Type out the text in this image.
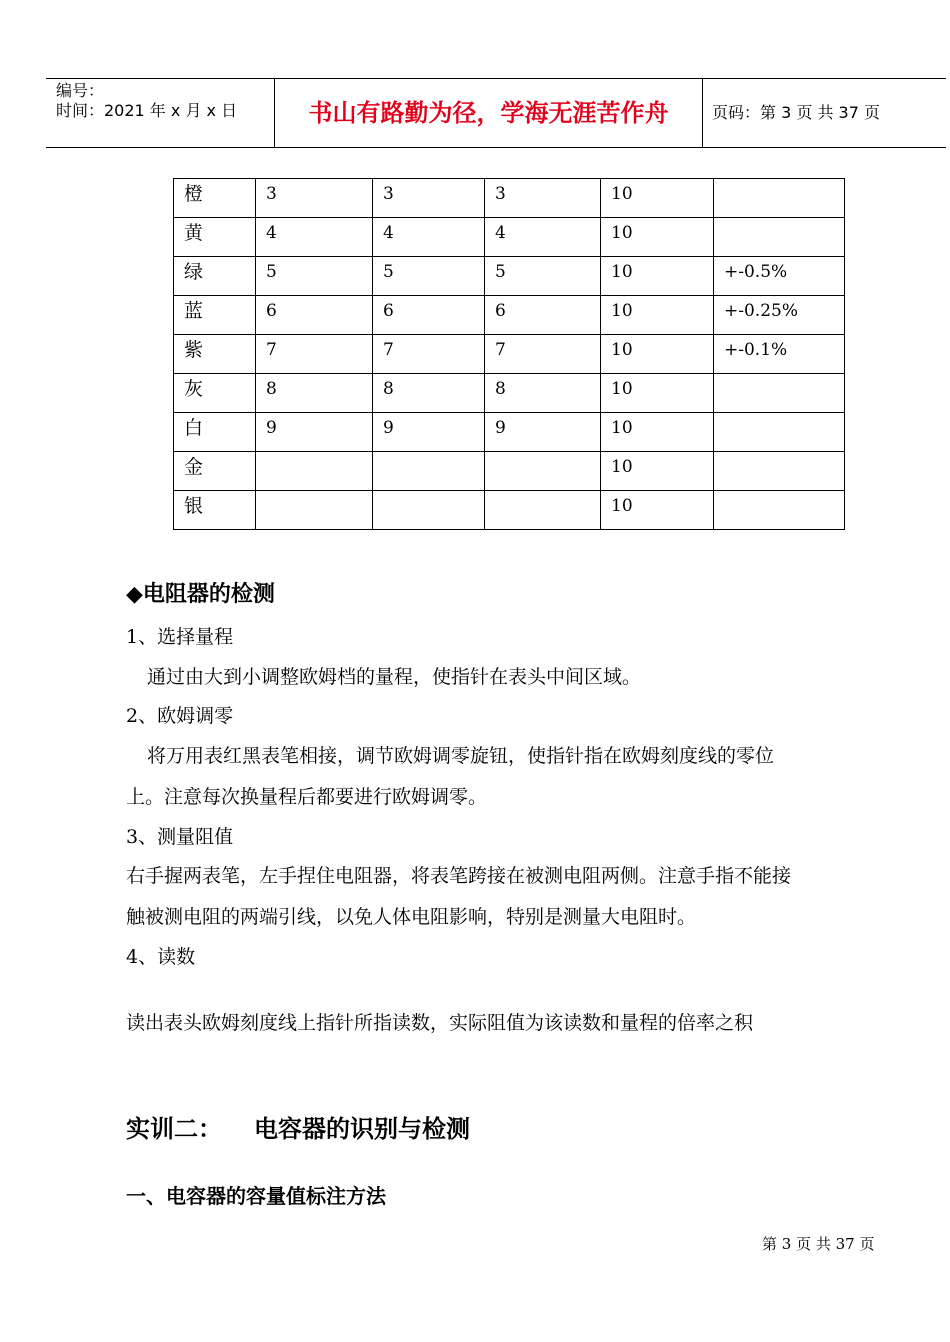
编号：
时间：2021 年 x 月 x 日	书山有路勤为径，学海无涯苦作舟	页码：第 3 页 共 37 页
橙	3	3	3	10	
黄	4	4	4	10	
绿	5	5	5	10	+-0.5%
蓝	6	6	6	10	+-0.25%
紫	7	7	7	10	+-0.1%
灰	8	8	8	10	
白	9	9	9	10	
金				10	
银				10	
◆电阻器的检测
1、选择量程
通过由大到小调整欧姆档的量程，使指针在表头中间区域。
2、欧姆调零
将万用表红黑表笔相接，调节欧姆调零旋钮，使指针指在欧姆刻度线的零位
上。注意每次换量程后都要进行欧姆调零。
3、测量阻值
右手握两表笔，左手捏住电阻器，将表笔跨接在被测电阻两侧。注意手指不能接
触被测电阻的两端引线，以免人体电阻影响，特别是测量大电阻时。
4、读数
读出表头欧姆刻度线上指针所指读数，实际阻值为该读数和量程的倍率之积
实训二： 电容器的识别与检测
一、电容器的容量值标注方法
第 3 页 共 37 页
